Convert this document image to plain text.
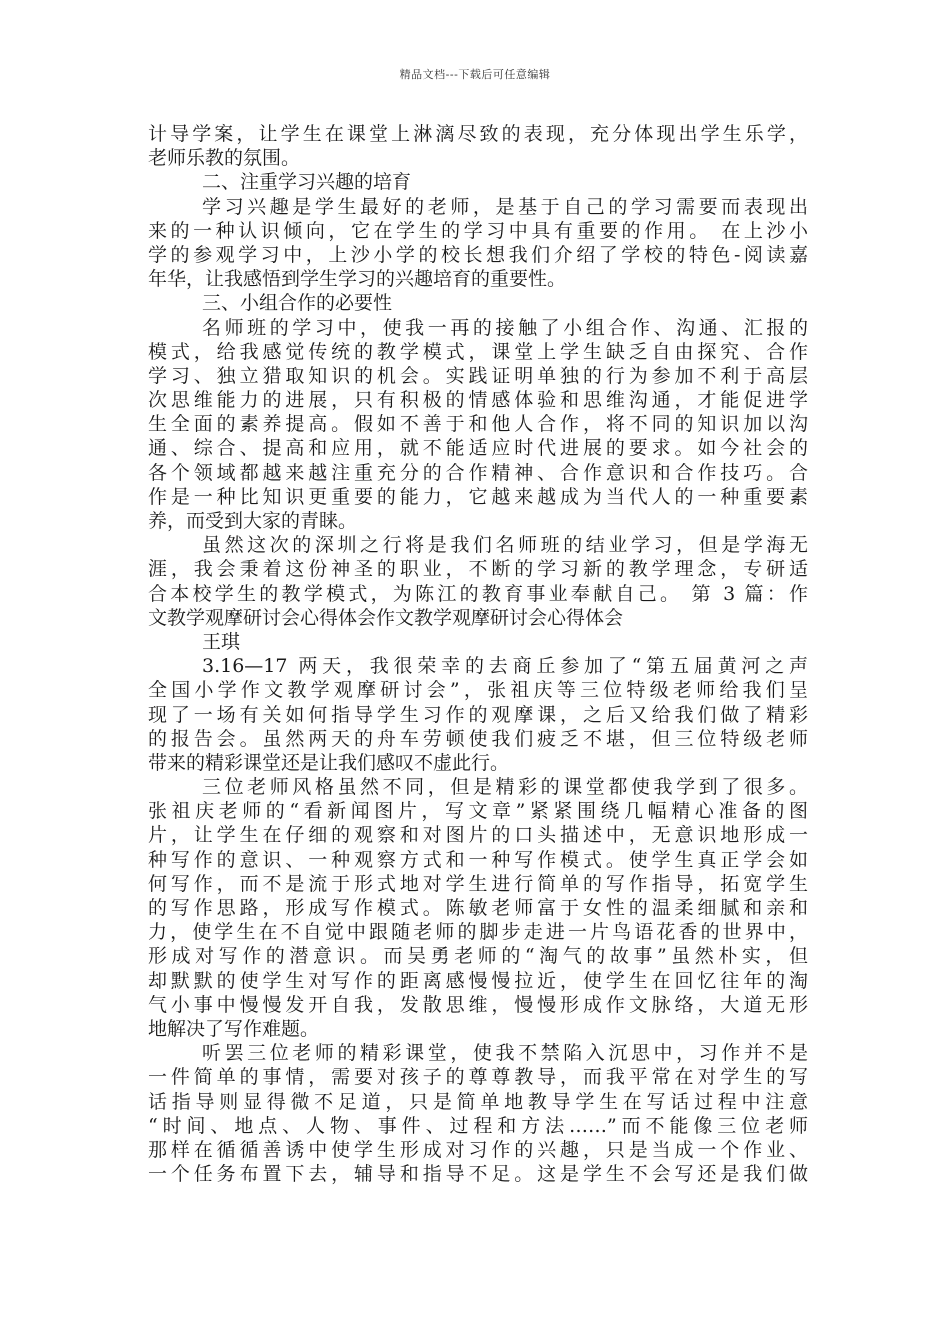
精品文档---下载后可任意编辑
计导学案，让学生在课堂上淋漓尽致的表现，充分体现出学生乐学，
老师乐教的氛围。
二、注重学习兴趣的培育
学习兴趣是学生最好的老师，是基于自己的学习需要而表现出
来的一种认识倾向，它在学生的学习中具有重要的作用。 在上沙小
学的参观学习中，上沙小学的校长想我们介绍了学校的特色-阅读嘉
年华，让我感悟到学生学习的兴趣培育的重要性。
三、小组合作的必要性
名师班的学习中，使我一再的接触了小组合作、沟通、汇报的
模式，给我感觉传统的教学模式，课堂上学生缺乏自由探究、合作
学习、独立猎取知识的机会。实践证明单独的行为参加不利于高层
次思维能力的进展，只有积极的情感体验和思维沟通，才能促进学
生全面的素养提高。假如不善于和他人合作，将不同的知识加以沟
通、综合、提高和应用，就不能适应时代进展的要求。如今社会的
各个领域都越来越注重充分的合作精神、合作意识和合作技巧。合
作是一种比知识更重要的能力，它越来越成为当代人的一种重要素
养，而受到大家的青睐。
虽然这次的深圳之行将是我们名师班的结业学习，但是学海无
涯，我会秉着这份神圣的职业，不断的学习新的教学理念，专研适
合本校学生的教学模式，为陈江的教育事业奉献自己。 第 3 篇：作
文教学观摩研讨会心得体会作文教学观摩研讨会心得体会
王琪
3.16—17 两天，我很荣幸的去商丘参加了“第五届黄河之声
全国小学作文教学观摩研讨会”，张祖庆等三位特级老师给我们呈
现了一场有关如何指导学生习作的观摩课，之后又给我们做了精彩
的报告会。虽然两天的舟车劳顿使我们疲乏不堪，但三位特级老师
带来的精彩课堂还是让我们感叹不虚此行。
三位老师风格虽然不同，但是精彩的课堂都使我学到了很多。
张祖庆老师的“看新闻图片，写文章”紧紧围绕几幅精心准备的图
片，让学生在仔细的观察和对图片的口头描述中，无意识地形成一
种写作的意识、一种观察方式和一种写作模式。使学生真正学会如
何写作，而不是流于形式地对学生进行简单的写作指导，拓宽学生
的写作思路，形成写作模式。陈敏老师富于女性的温柔细腻和亲和
力，使学生在不自觉中跟随老师的脚步走进一片鸟语花香的世界中，
形成对写作的潜意识。而吴勇老师的“淘气的故事”虽然朴实，但
却默默的使学生对写作的距离感慢慢拉近，使学生在回忆往年的淘
气小事中慢慢发开自我，发散思维，慢慢形成作文脉络，大道无形
地解决了写作难题。
听罢三位老师的精彩课堂，使我不禁陷入沉思中，习作并不是
一件简单的事情，需要对孩子的尊尊教导，而我平常在对学生的写
话指导则显得微不足道，只是简单地教导学生在写话过程中注意
“时间、地点、人物、事件、过程和方法……”而不能像三位老师
那样在循循善诱中使学生形成对习作的兴趣，只是当成一个作业、
一个任务布置下去，辅导和指导不足。这是学生不会写还是我们做
